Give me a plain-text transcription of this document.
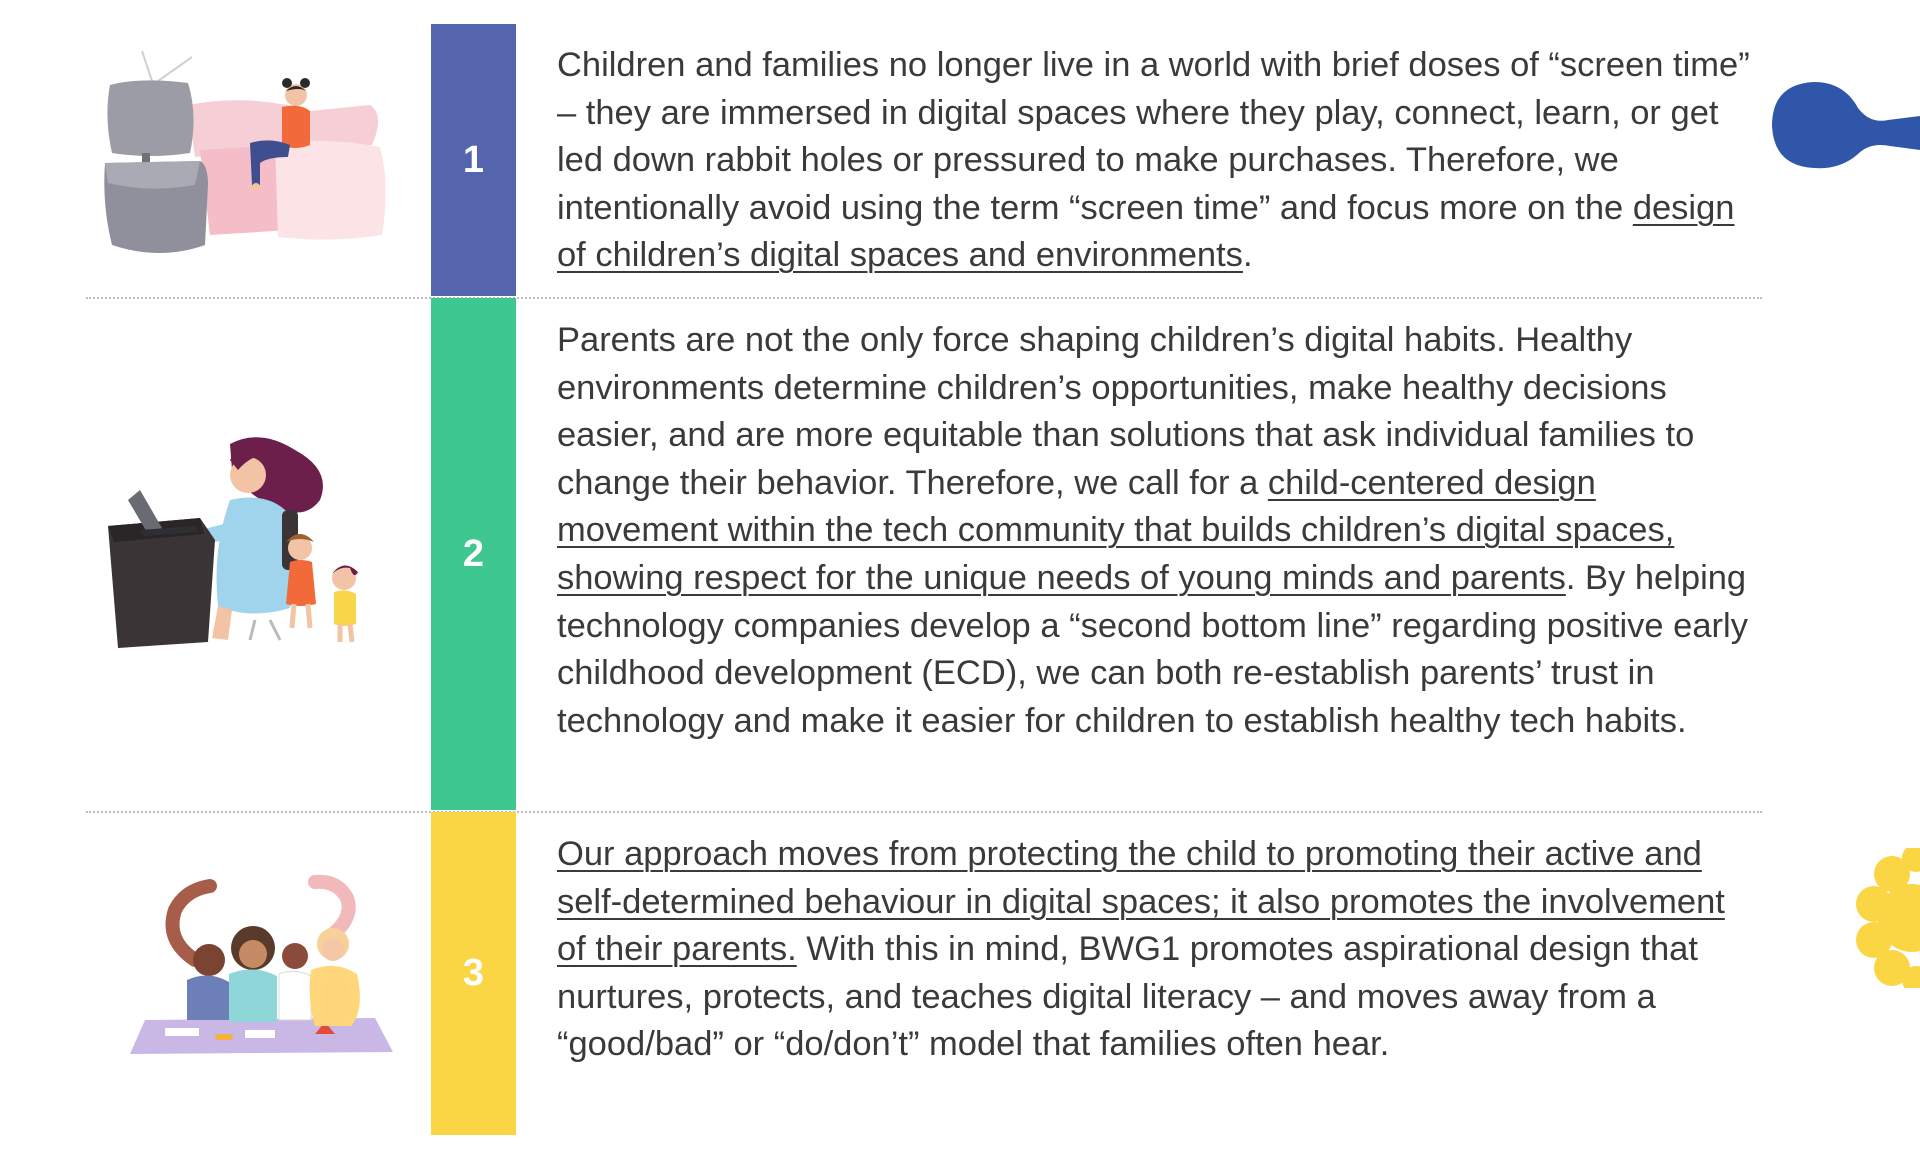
1

Children and families no longer live in a world with brief doses of “screen time” – they are immersed in digital spaces where they play, connect, learn, or get led down rabbit holes or pressured to make purchases. Therefore, we intentionally avoid using the term “screen time” and focus more on the design of children’s digital spaces and environments.

2

Parents are not the only force shaping children’s digital habits. Healthy environments determine children’s opportunities, make healthy decisions easier, and are more equitable than solutions that ask individual families to change their behavior. Therefore, we call for a child-centered design movement within the tech community that builds children’s digital spaces, showing respect for the unique needs of young minds and parents. By helping technology companies develop a “second bottom line” regarding positive early childhood development (ECD), we can both re-establish parents’ trust in technology and make it easier for children to establish healthy tech habits.

3

Our approach moves from protecting the child to promoting their active and self-determined behaviour in digital spaces; it also promotes the involvement of their parents. With this in mind, BWG1 promotes aspirational design that nurtures, protects, and teaches digital literacy – and moves away from a “good/bad” or “do/don’t” model that families often hear.
